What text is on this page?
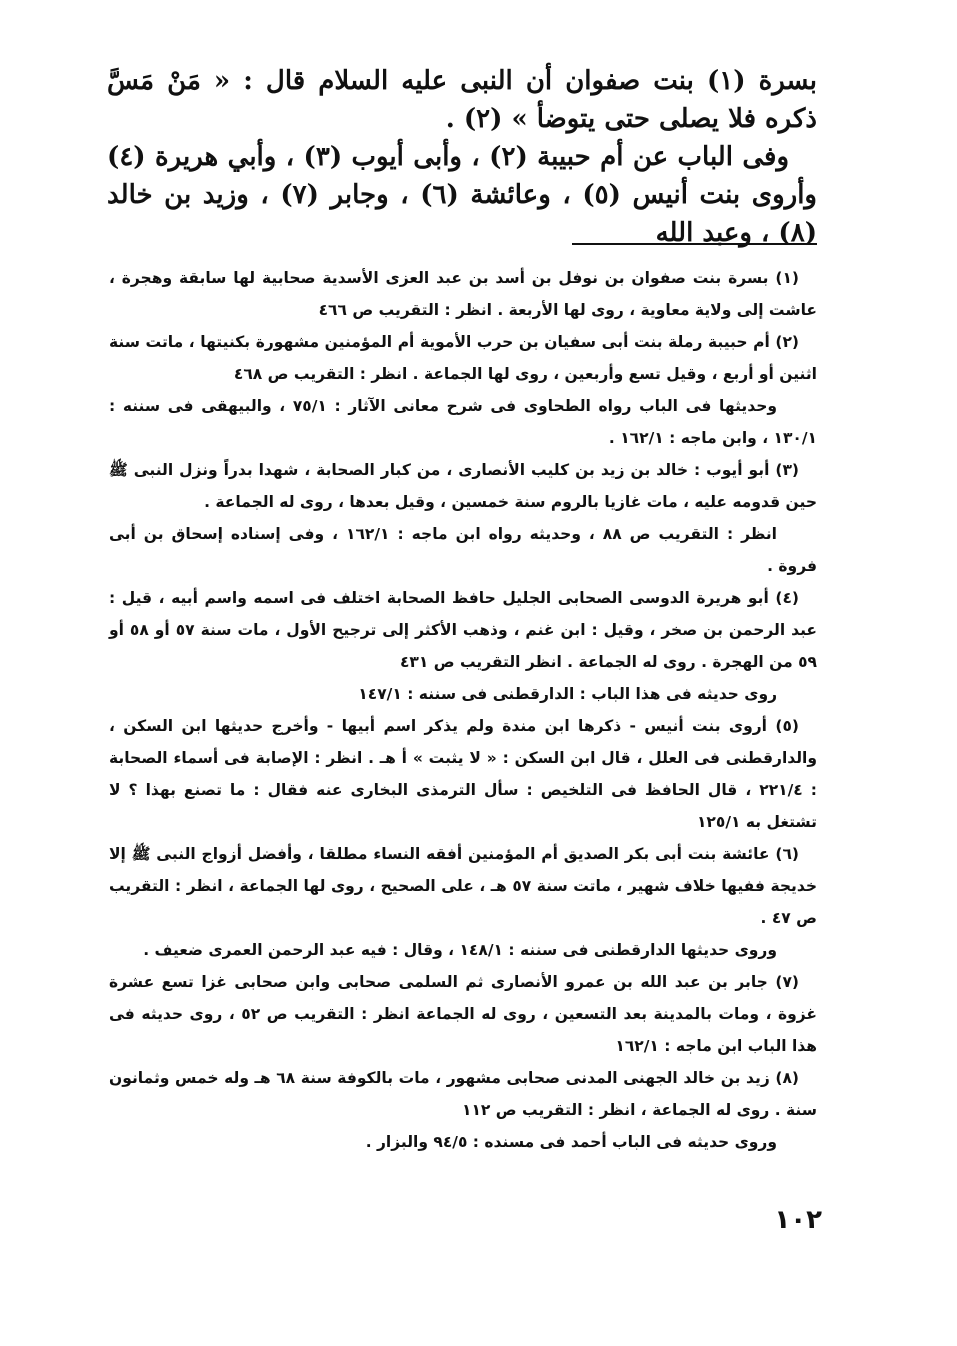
بسرة (١) بنت صفوان أن النبى عليه السلام قال : « مَنْ مَسَّ ذكره فلا يصلى حتى يتوضأ » (٢) .

وفى الباب عن أم حبيبة (٢) ، وأبى أيوب (٣) ، وأبي هريرة (٤) وأروى بنت أنيس (٥) ، وعائشة (٦) ، وجابر (٧) ، وزيد بن خالد (٨) ، وعبد الله

(١) بسرة بنت صفوان بن نوفل بن أسد بن عبد العزى الأسدية صحابية لها سابقة وهجرة ، عاشت إلى ولاية معاوية ، روى لها الأربعة . انظر : التقريب ص ٤٦٦

(٢) أم حبيبة رملة بنت أبى سفيان بن حرب الأموية أم المؤمنين مشهورة بكنيتها ، ماتت سنة اثنين أو أربع ، وقيل تسع وأربعين ، روى لها الجماعة . انظر : التقريب ص ٤٦٨

وحديثها فى الباب رواه الطحاوى فى شرح معانى الآثار : ٧٥/١ ، والبيهقى فى سننه : ١٣٠/١ ، وابن ماجه : ١٦٢/١ .

(٣) أبو أيوب : خالد بن زيد بن كليب الأنصارى ، من كبار الصحابة ، شهدا بدراً ونزل النبى ﷺ حين قدومه عليه ، مات غازيا بالروم سنة خمسين ، وقيل بعدها ، روى له الجماعة .

انظر : التقريب ص ٨٨ ، وحديثه رواه ابن ماجه : ١٦٢/١ ، وفى إسناده إسحاق بن أبى فروة .

(٤) أبو هريرة الدوسى الصحابى الجليل حافظ الصحابة اختلف فى اسمه واسم أبيه ، قيل : عبد الرحمن بن صخر ، وقيل : ابن غنم ، وذهب الأكثر إلى ترجيح الأول ، مات سنة ٥٧ أو ٥٨ أو ٥٩ من الهجرة . روى له الجماعة . انظر التقريب ص ٤٣١

روى حديثه فى هذا الباب : الدارقطنى فى سننه : ١٤٧/١

(٥) أروى بنت أنيس - ذكرها ابن مندة ولم يذكر اسم أبيها - وأخرج حديثها ابن السكن ، والدارقطنى فى العلل ، قال ابن السكن : « لا يثبت » أ هـ . انظر : الإصابة فى أسماء الصحابة : ٢٢١/٤ ، قال الحافظ فى التلخيص : سأل الترمذى البخارى عنه فقال : ما تصنع بهذا ؟ لا تشتغل به ١٢٥/١

(٦) عائشة بنت أبى بكر الصديق أم المؤمنين أفقه النساء مطلقا ، وأفضل أزواج النبى ﷺ إلا خديجة ففيها خلاف شهير ، ماتت سنة ٥٧ هـ ، على الصحيح ، روى لها الجماعة ، انظر : التقريب ص ٤٧ .

وروى حديثها الدارقطنى فى سننه : ١٤٨/١ ، وقال : فيه عبد الرحمن العمرى ضعيف .

(٧) جابر بن عبد الله بن عمرو الأنصارى ثم السلمى صحابى وابن صحابى غزا تسع عشرة غزوة ، ومات بالمدينة بعد التسعين ، روى له الجماعة انظر : التقريب ص ٥٢ ، روى حديثه فى هذا الباب ابن ماجه : ١٦٢/١

(٨) زيد بن خالد الجهنى المدنى صحابى مشهور ، مات بالكوفة سنة ٦٨ هـ وله خمس وثمانون سنة . روى له الجماعة ، انظر : التقريب ص ١١٢

وروى حديثه فى الباب أحمد فى مسنده : ٩٤/٥ والبزار .

١٠٢
